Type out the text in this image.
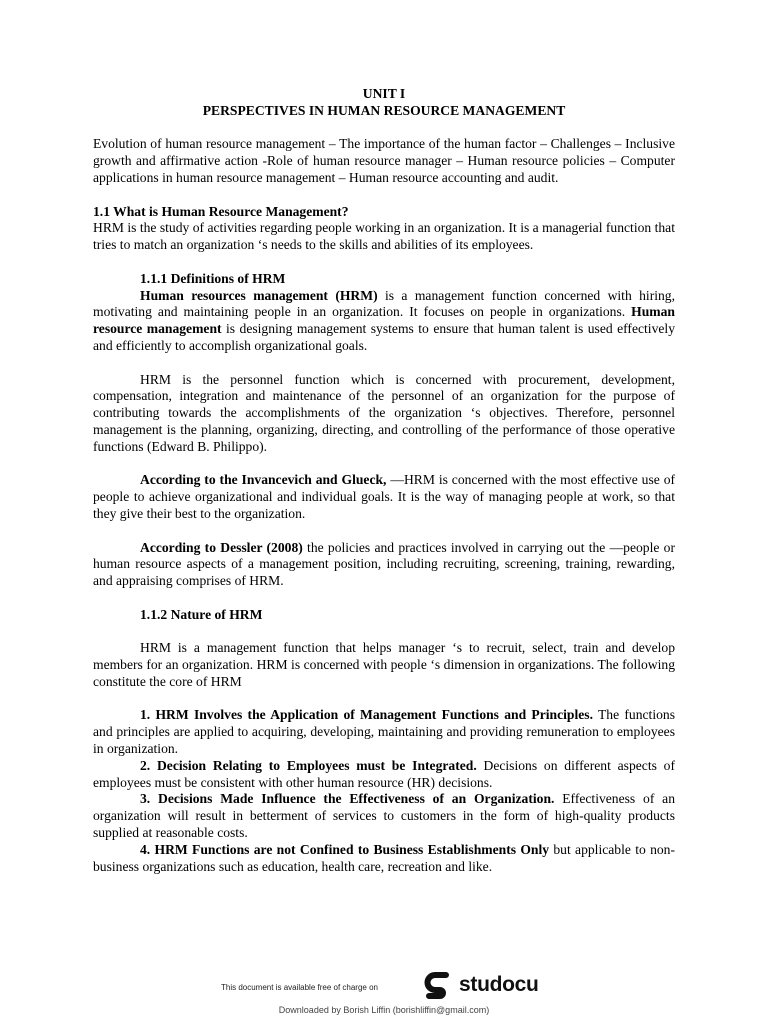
UNIT I

PERSPECTIVES IN HUMAN RESOURCE MANAGEMENT

Evolution of human resource management – The importance of the human factor – Challenges – Inclusive growth and affirmative action -Role of human resource manager – Human resource policies – Computer applications in human resource management – Human resource accounting and audit.

1.1 What is Human Resource Management?

HRM is the study of activities regarding people working in an organization. It is a managerial function that tries to match an organization ‘s needs to the skills and abilities of its employees.

1.1.1 Definitions of HRM

Human resources management (HRM) is a management function concerned with hiring, motivating and maintaining people in an organization. It focuses on people in organizations. Human resource management is designing management systems to ensure that human talent is used effectively and efficiently to accomplish organizational goals.

HRM is the personnel function which is concerned with procurement, development, compensation, integration and maintenance of the personnel of an organization for the purpose of contributing towards the accomplishments of the organization ‘s objectives. Therefore, personnel management is the planning, organizing, directing, and controlling of the performance of those operative functions (Edward B. Philippo).

According to the Invancevich and Glueck, —HRM is concerned with the most effective use of people to achieve organizational and individual goals. It is the way of managing people at work, so that they give their best to the organization.

According to Dessler (2008) the policies and practices involved in carrying out the —people or human resource aspects of a management position, including recruiting, screening, training, rewarding, and appraising comprises of HRM.

1.1.2 Nature of HRM

HRM is a management function that helps manager ‘s to recruit, select, train and develop members for an organization. HRM is concerned with people ‘s dimension in organizations. The following constitute the core of HRM

1. HRM Involves the Application of Management Functions and Principles. The functions and principles are applied to acquiring, developing, maintaining and providing remuneration to employees in organization.

2. Decision Relating to Employees must be Integrated. Decisions on different aspects of employees must be consistent with other human resource (HR) decisions.

3. Decisions Made Influence the Effectiveness of an Organization. Effectiveness of an organization will result in betterment of services to customers in the form of high-quality products supplied at reasonable costs.

4. HRM Functions are not Confined to Business Establishments Only but applicable to non-business organizations such as education, health care, recreation and like.

This document is available free of charge on	studocu
Downloaded by Borish Liffin (borishliffin@gmail.com)
